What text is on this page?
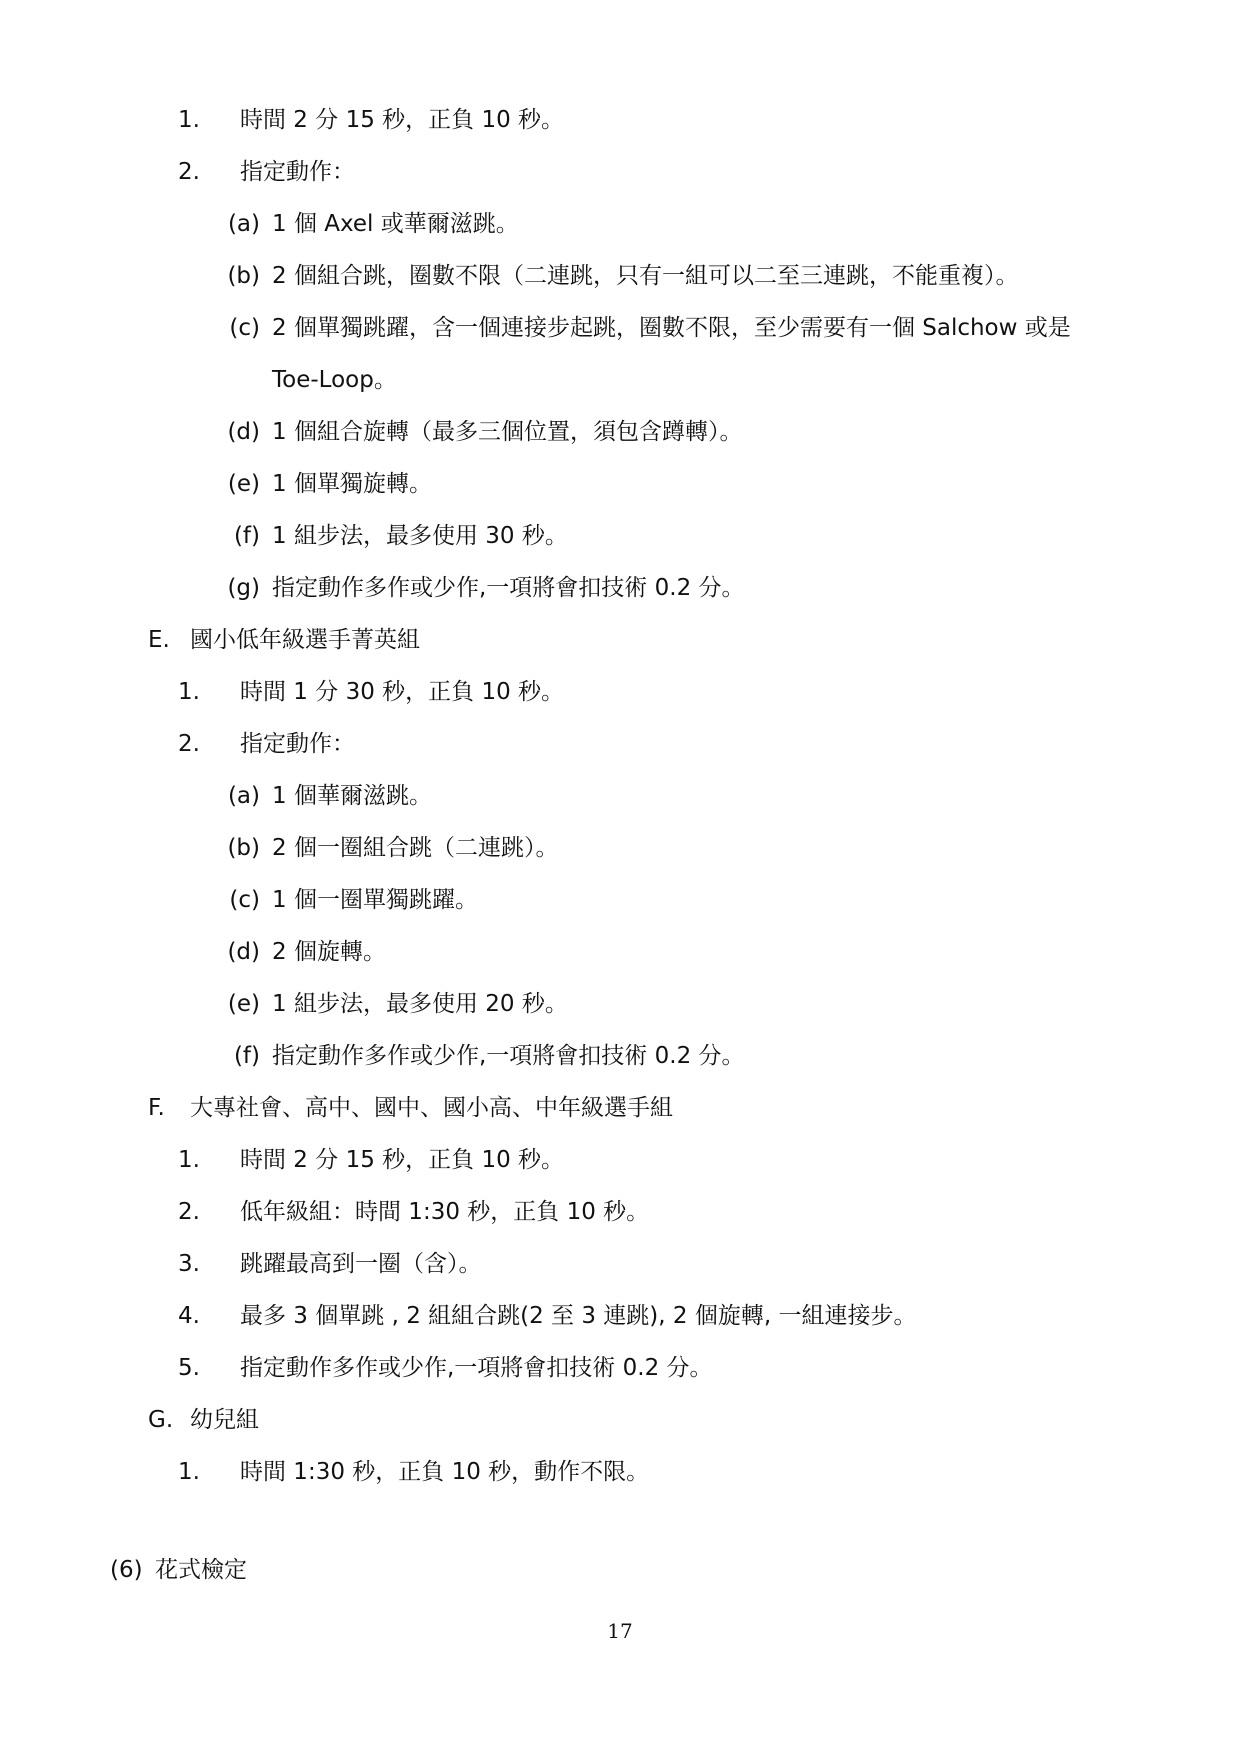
1. 時間 2 分 15 秒，正負 10 秒。
2. 指定動作：
(a) 1 個 Axel 或華爾滋跳。
(b) 2 個組合跳，圈數不限（二連跳，只有一組可以二至三連跳，不能重複）。
(c) 2 個單獨跳躍，含一個連接步起跳，圈數不限，至少需要有一個 Salchow 或是
Toe-Loop。
(d) 1 個組合旋轉（最多三個位置，須包含蹲轉）。
(e) 1 個單獨旋轉。
(f) 1 組步法，最多使用 30 秒。
(g) 指定動作多作或少作,一項將會扣技術 0.2 分。
E. 國小低年級選手菁英組
1. 時間 1 分 30 秒，正負 10 秒。
2. 指定動作：
(a) 1 個華爾滋跳。
(b) 2 個一圈組合跳（二連跳）。
(c) 1 個一圈單獨跳躍。
(d) 2 個旋轉。
(e) 1 組步法，最多使用 20 秒。
(f) 指定動作多作或少作,一項將會扣技術 0.2 分。
F. 大專社會、高中、國中、國小高、中年級選手組
1. 時間 2 分 15 秒，正負 10 秒。
2. 低年級組：時間 1:30 秒，正負 10 秒。
3. 跳躍最高到一圈（含）。
4. 最多 3 個單跳 , 2 組組合跳(2 至 3 連跳), 2 個旋轉, 一組連接步。
5. 指定動作多作或少作,一項將會扣技術 0.2 分。
G. 幼兒組
1. 時間 1:30 秒，正負 10 秒，動作不限。
(6) 花式檢定
17
